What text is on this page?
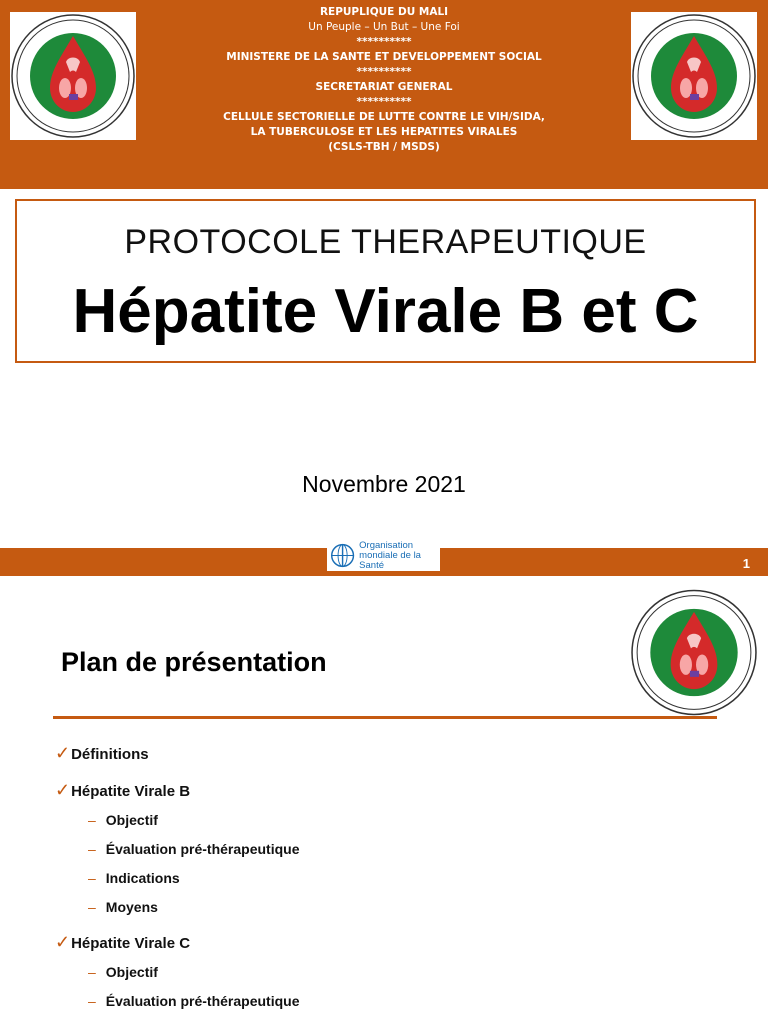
REPUPLIQUE DU MALI
Un Peuple – Un But – Une Foi
**********
MINISTERE DE LA SANTE ET DEVELOPPEMENT SOCIAL
**********
SECRETARIAT GENERAL
**********
CELLULE SECTORIELLE DE LUTTE CONTRE LE VIH/SIDA,
LA TUBERCULOSE ET LES HEPATITES VIRALES
(CSLS-TBH / MSDS)
PROTOCOLE THERAPEUTIQUE
Hépatite Virale B et C
Novembre 2021
Organisation
mondiale de la Santé	1
Plan de présentation
✓Définitions
✓Hépatite Virale B
– Objectif
– Évaluation pré-thérapeutique
– Indications
– Moyens
✓Hépatite Virale C
– Objectif
– Évaluation pré-thérapeutique
